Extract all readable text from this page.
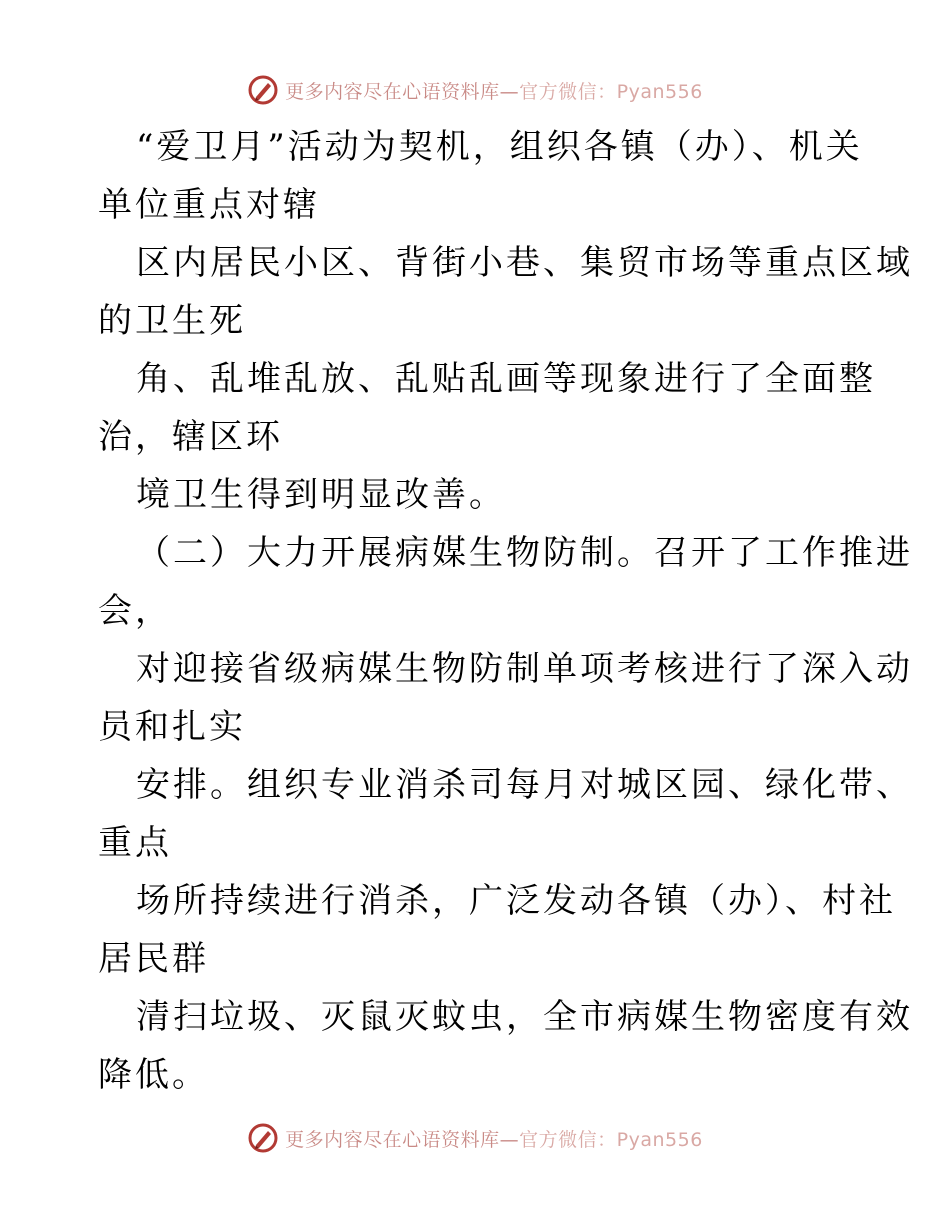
更多内容尽在心语资料库—官方微信：Pyan556
“爱卫月”活动为契机，组织各镇（办）、机关
单位重点对辖
区内居民小区、背街小巷、集贸市场等重点区域
的卫生死
角、乱堆乱放、乱贴乱画等现象进行了全面整
治，辖区环
境卫生得到明显改善。
（二）大力开展病媒生物防制。召开了工作推进
会，
对迎接省级病媒生物防制单项考核进行了深入动
员和扎实
安排。组织专业消杀司每月对城区园、绿化带、
重点
场所持续进行消杀，广泛发动各镇（办）、村社
居民群
清扫垃圾、灭鼠灭蚊虫，全市病媒生物密度有效
降低。
更多内容尽在心语资料库—官方微信：Pyan556
